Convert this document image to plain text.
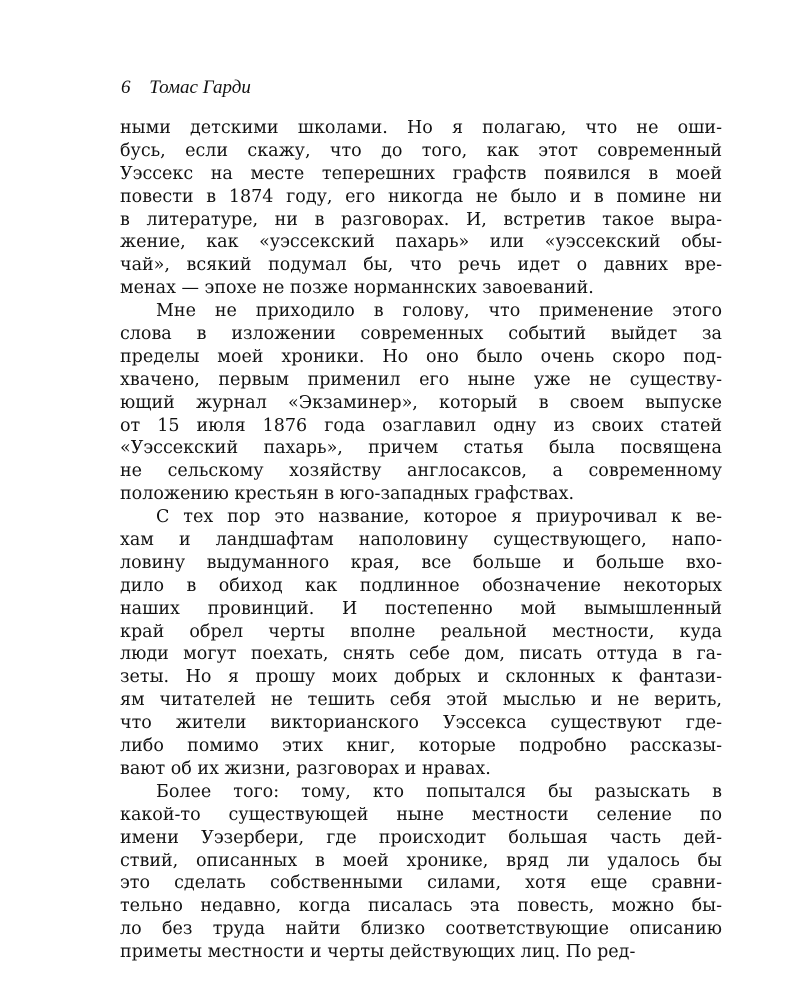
6 Томас Гарди
ными детскими школами. Но я полагаю, что не оши-
бусь, если скажу, что до того, как этот современный
Уэссекс на месте теперешних графств появился в моей
повести в 1874 году, его никогда не было и в помине ни
в литературе, ни в разговорах. И, встретив такое выра-
жение, как «уэссекский пахарь» или «уэссекский обы-
чай», всякий подумал бы, что речь идет о давних вре-
менах — эпохе не позже норманнских завоеваний.
Мне не приходило в голову, что применение этого
слова в изложении современных событий выйдет за
пределы моей хроники. Но оно было очень скоро под-
хвачено, первым применил его ныне уже не существу-
ющий журнал «Экзаминер», который в своем выпуске
от 15 июля 1876 года озаглавил одну из своих статей
«Уэссекский пахарь», причем статья была посвящена
не сельскому хозяйству англосаксов, а современному
положению крестьян в юго-западных графствах.
С тех пор это название, которое я приурочивал к ве-
хам и ландшафтам наполовину существующего, напо-
ловину выдуманного края, все больше и больше вхо-
дило в обиход как подлинное обозначение некоторых
наших провинций. И постепенно мой вымышленный
край обрел черты вполне реальной местности, куда
люди могут поехать, снять себе дом, писать оттуда в га-
зеты. Но я прошу моих добрых и склонных к фантази-
ям читателей не тешить себя этой мыслью и не верить,
что жители викторианского Уэссекса существуют где-
либо помимо этих книг, которые подробно рассказы-
вают об их жизни, разговорах и нравах.
Более того: тому, кто попытался бы разыскать в
какой-то существующей ныне местности селение по
имени Уэзербери, где происходит большая часть дей-
ствий, описанных в моей хронике, вряд ли удалось бы
это сделать собственными силами, хотя еще сравни-
тельно недавно, когда писалась эта повесть, можно бы-
ло без труда найти близко соответствующие описанию
приметы местности и черты действующих лиц. По ред-
